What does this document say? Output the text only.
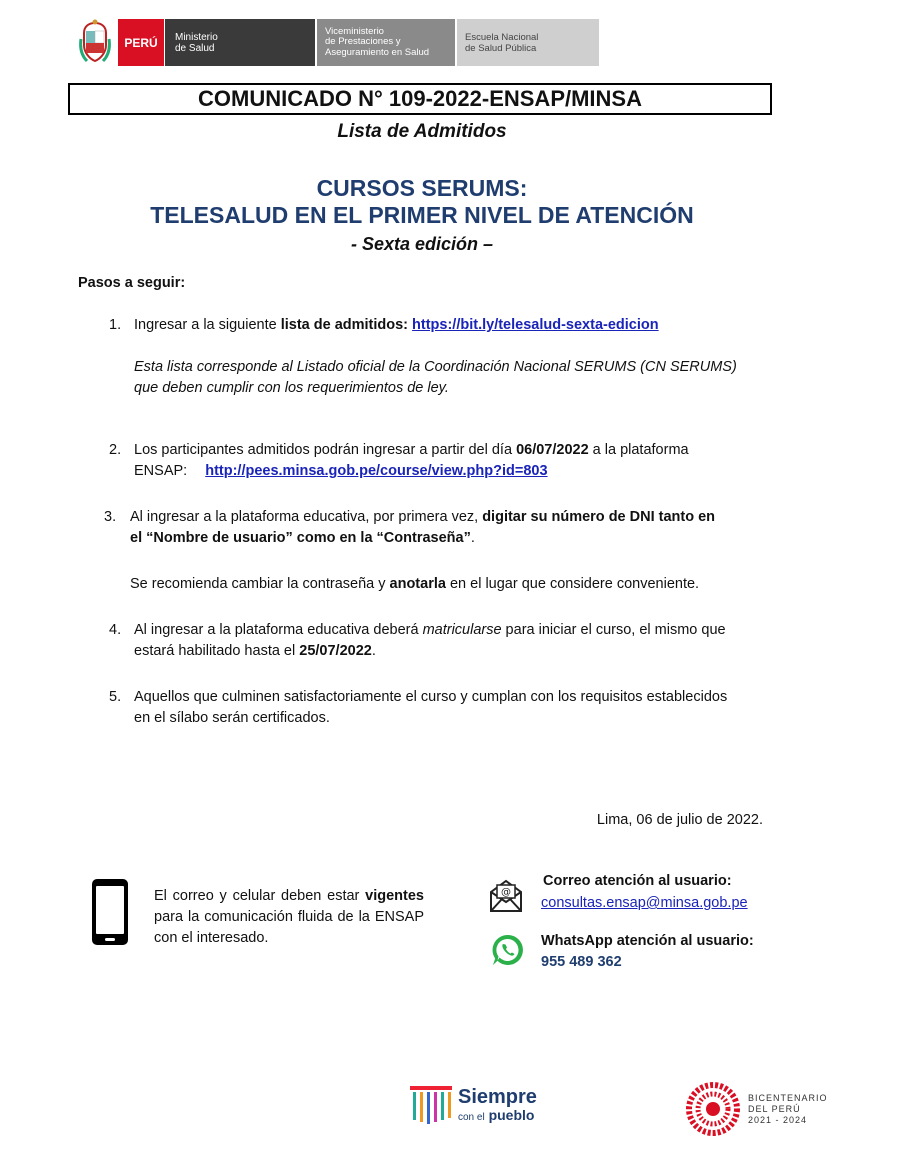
PERÚ	Ministerio
de Salud
Viceministerio
de Prestaciones y
Aseguramiento en Salud
Escuela Nacional
de Salud Pública
COMUNICADO N° 109-2022-ENSAP/MINSA
Lista de Admitidos
CURSOS SERUMS:
TELESALUD EN EL PRIMER NIVEL DE ATENCIÓN
- Sexta edición –
Pasos a seguir:
1. Ingresar a la siguiente lista de admitidos: https://bit.ly/telesalud-sexta-edicion
Esta lista corresponde al Listado oficial de la Coordinación Nacional SERUMS (CN SERUMS)
que deben cumplir con los requerimientos de ley.
2. Los participantes admitidos podrán ingresar a partir del día 06/07/2022 a la plataforma
ENSAP: http://pees.minsa.gob.pe/course/view.php?id=803
3. Al ingresar a la plataforma educativa, por primera vez, digitar su número de DNI tanto en
el “Nombre de usuario” como en la “Contraseña”.
Se recomienda cambiar la contraseña y anotarla en el lugar que considere conveniente.
4. Al ingresar a la plataforma educativa deberá matricularse para iniciar el curso, el mismo que
estará habilitado hasta el 25/07/2022.
5. Aquellos que culminen satisfactoriamente el curso y cumplan con los requisitos establecidos
en el sílabo serán certificados.
Lima, 06 de julio de 2022.
El correo y celular deben estar vigentes para la comunicación fluida de la ENSAP con el interesado.
@
Correo atención al usuario:
consultas.ensap@minsa.gob.pe
WhatsApp atención al usuario:
955 489 362
Siempre
con el pueblo
BICENTENARIO
DEL PERÚ
2021 - 2024
